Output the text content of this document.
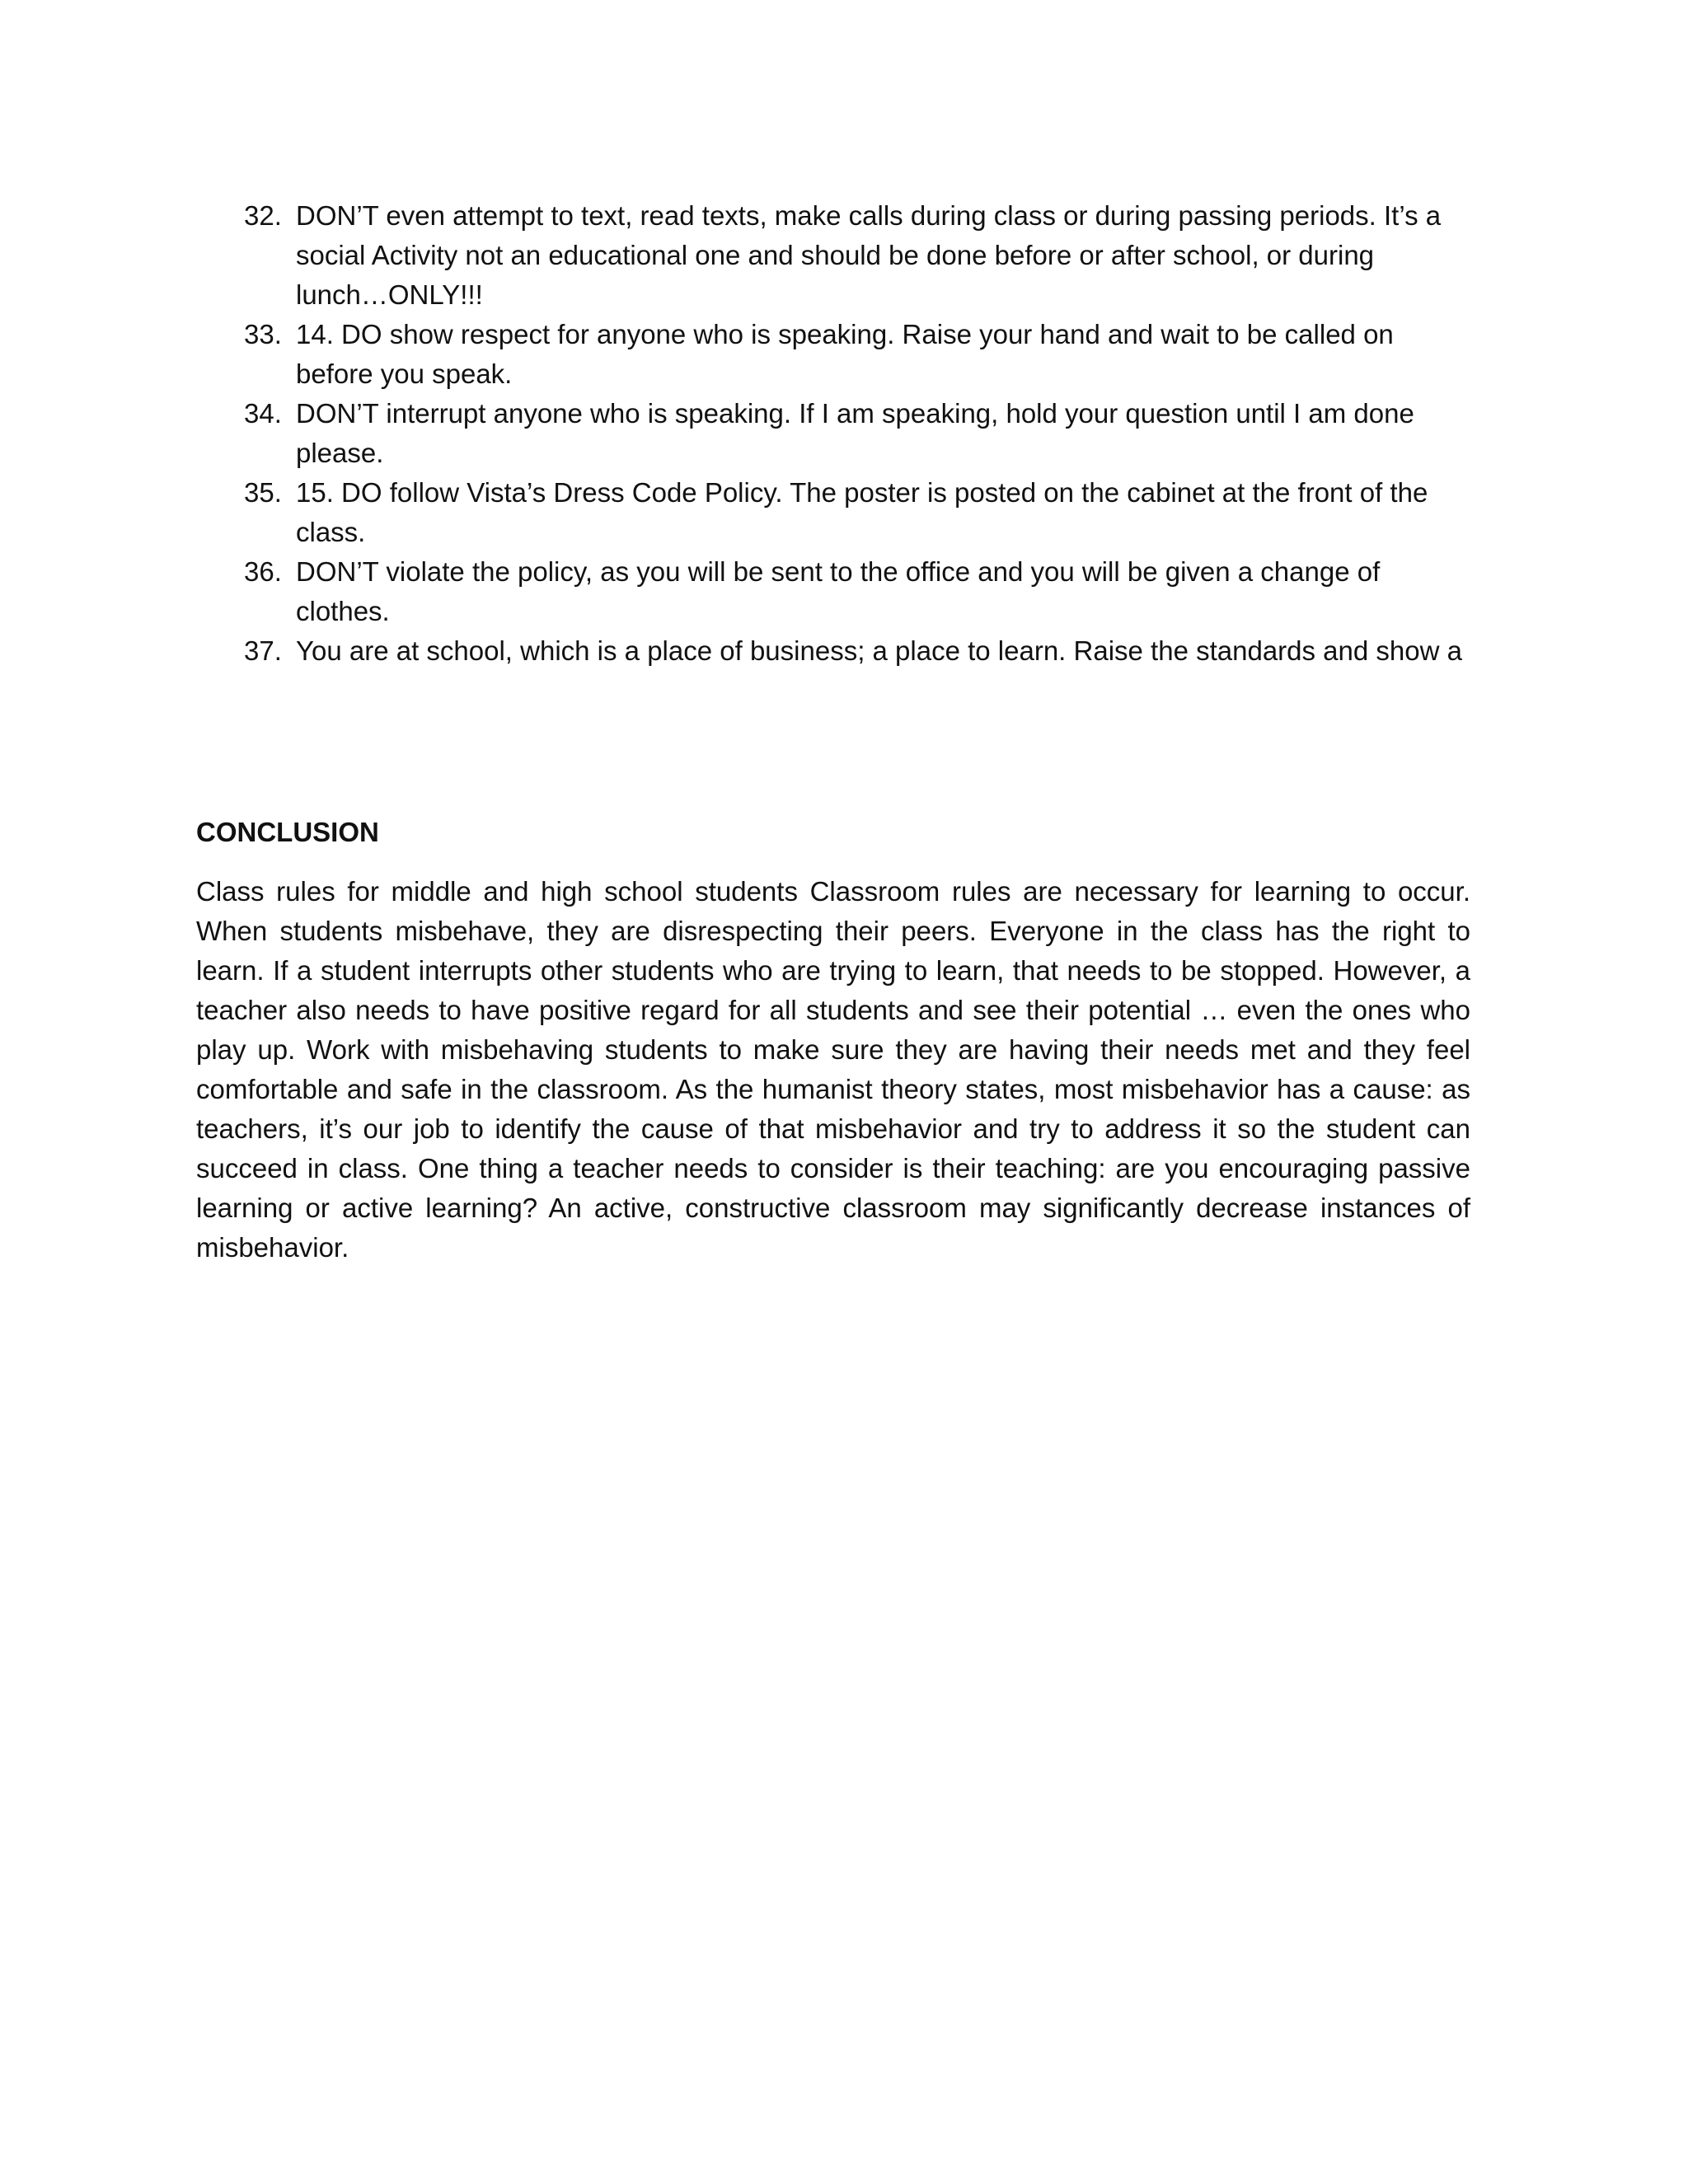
32. DON’T even attempt to text, read texts, make calls during class or during passing periods. It’s a social Activity not an educational one and should be done before or after school, or during lunch…ONLY!!!
33. 14. DO show respect for anyone who is speaking. Raise your hand and wait to be called on before you speak.
34. DON’T interrupt anyone who is speaking. If I am speaking, hold your question until I am done please.
35. 15. DO follow Vista’s Dress Code Policy. The poster is posted on the cabinet at the front of the class.
36. DON’T violate the policy, as you will be sent to the office and you will be given a change of clothes.
37. You are at school, which is a place of business; a place to learn. Raise the standards and show a
CONCLUSION

Class rules for middle and high school students Classroom rules are necessary for learning to occur. When students misbehave, they are disrespecting their peers. Everyone in the class has the right to learn. If a student interrupts other students who are trying to learn, that needs to be stopped. However, a teacher also needs to have positive regard for all students and see their potential … even the ones who play up. Work with misbehaving students to make sure they are having their needs met and they feel comfortable and safe in the classroom. As the humanist theory states, most misbehavior has a cause: as teachers, it’s our job to identify the cause of that misbehavior and try to address it so the student can succeed in class. One thing a teacher needs to consider is their teaching: are you encouraging passive learning or active learning? An active, constructive classroom may significantly decrease instances of misbehavior.
